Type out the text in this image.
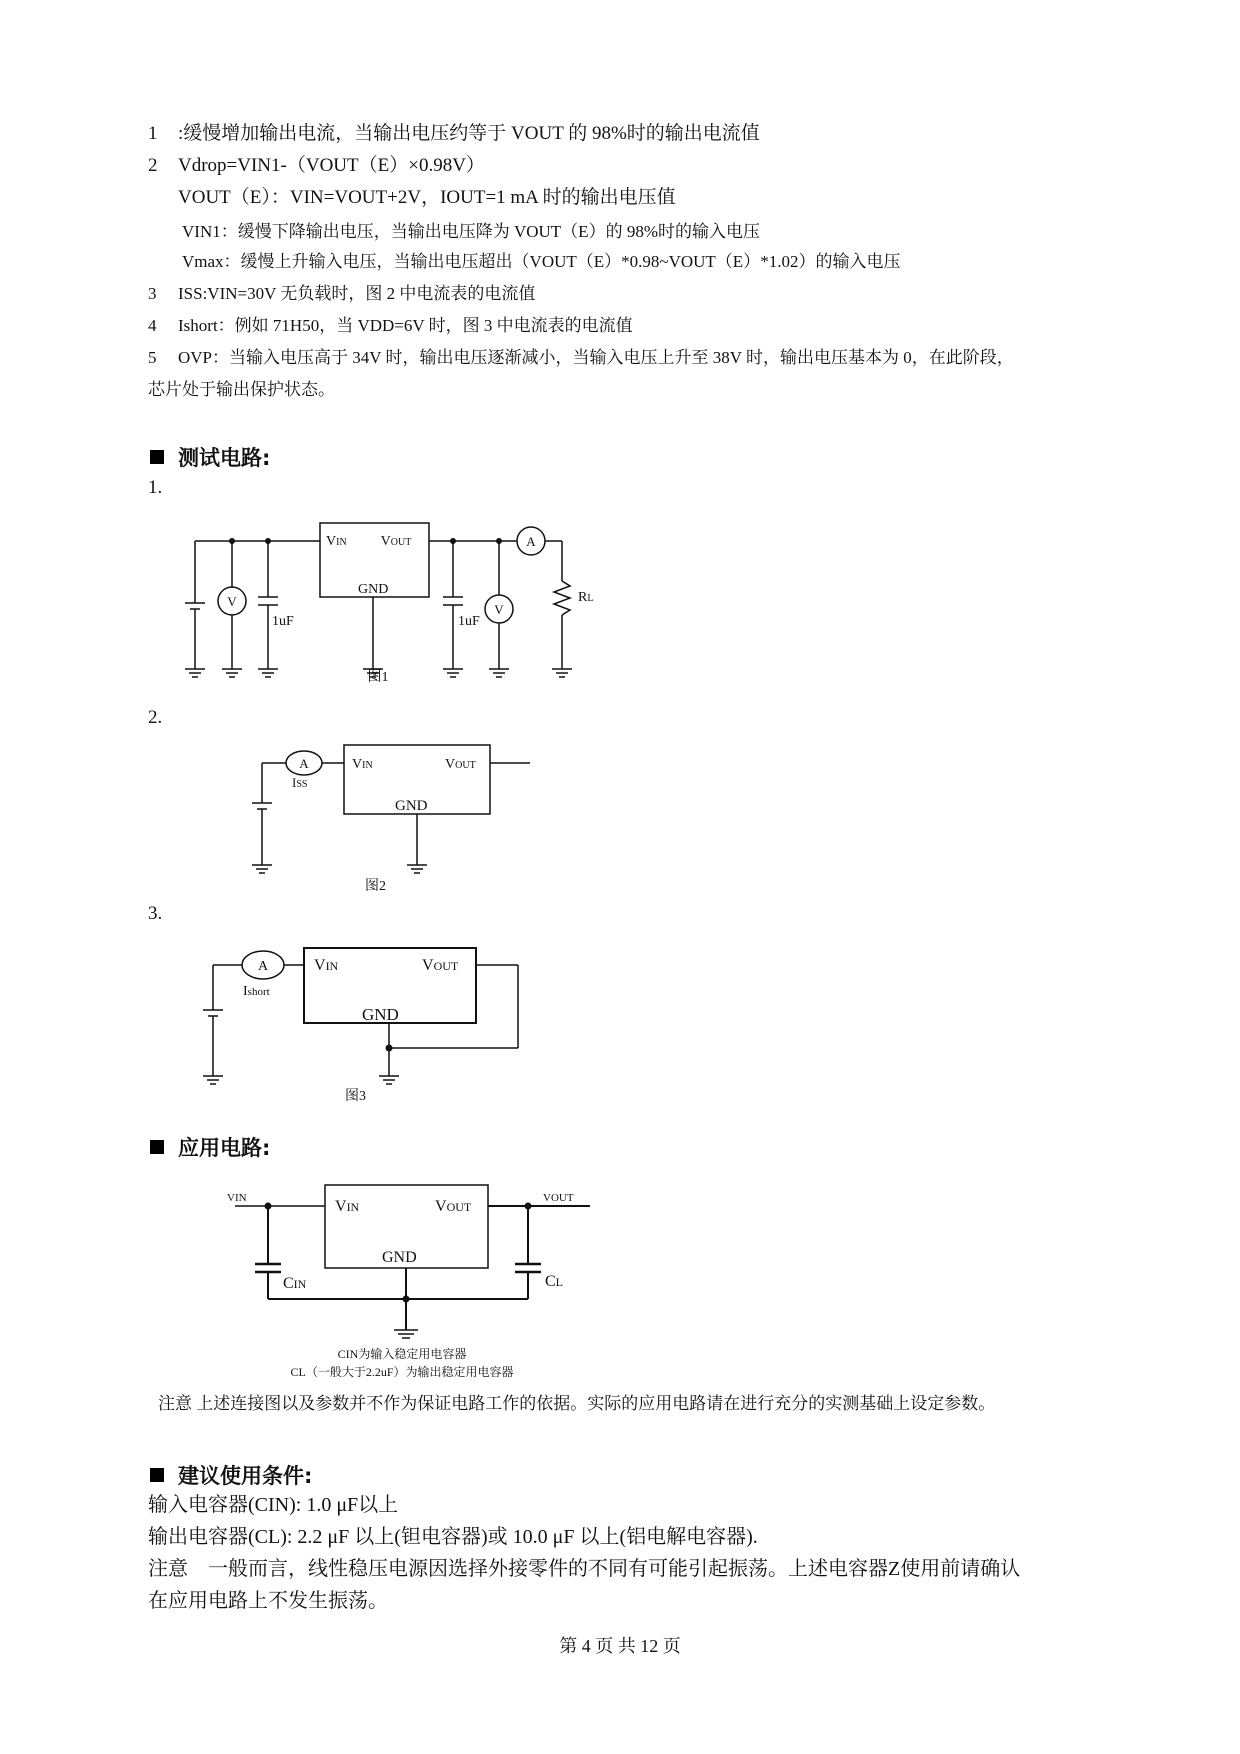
1 :缓慢增加输出电流，当输出电压约等于 VOUT 的 98%时的输出电流值
2 Vdrop=VIN1-（VOUT（E）×0.98V）
VOUT（E）：VIN=VOUT+2V，IOUT=1 mA 时的输出电压值
VIN1：缓慢下降输出电压，当输出电压降为 VOUT（E）的 98%时的输入电压
Vmax：缓慢上升输入电压，当输出电压超出（VOUT（E）*0.98~VOUT（E）*1.02）的输入电压
3 ISS:VIN=30V 无负载时，图 2 中电流表的电流值
4 Ishort：例如 71H50，当 VDD=6V 时，图 3 中电流表的电流值
5 OVP：当输入电压高于 34V 时，输出电压逐渐减小，当输入电压上升至 38V 时，输出电压基本为 0，在此阶段，
芯片处于输出保护状态。
测试电路:
1.
VIN VOUT
GND
1uF	1uF
RL
V
V
A
图1
2.
A
ISS
VIN	VOUT
GND
图2
3.
A
Ishort
VIN	VOUT
GND
图3
应用电路:
VIN	VOUT
VIN	VOUT
GND
CIN	CL
CIN为输入稳定用电容器
CL（一般大于2.2uF）为输出稳定用电容器
注意 上述连接图以及参数并不作为保证电路工作的依据。实际的应用电路请在进行充分的实测基础上设定参数。
建议使用条件:
输入电容器(CIN): 1.0 μF以上
输出电容器(CL): 2.2 μF 以上(钽电容器)或 10.0 μF 以上(铝电解电容器).
注意　一般而言，线性稳压电源因选择外接零件的不同有可能引起振荡。上述电容器Z使用前请确认
在应用电路上不发生振荡。
第 4 页 共 12 页
